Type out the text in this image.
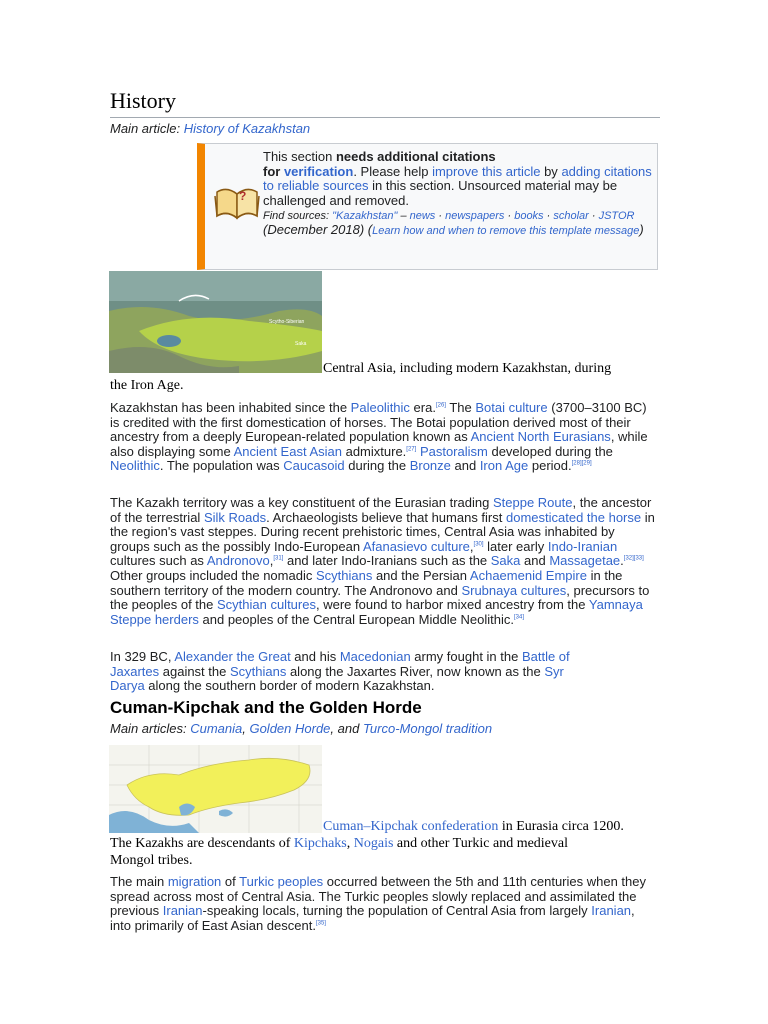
History
Main article: History of Kazakhstan
?
This section needs additional citations
for verification. Please help improve this article by adding citations to reliable sources in this section. Unsourced material may be challenged and removed.
Find sources: "Kazakhstan" – news · newspapers · books · scholar · JSTOR (December 2018) (Learn how and when to remove this template message)
Scytho-Siberian
Saka
Central Asia, including modern Kazakhstan, during
the Iron Age.
Kazakhstan has been inhabited since the Paleolithic era.[26] The Botai culture (3700–3100 BC) is credited with the first domestication of horses. The Botai population derived most of their ancestry from a deeply European-related population known as Ancient North Eurasians, while also displaying some Ancient East Asian admixture.[27] Pastoralism developed during the Neolithic. The population was Caucasoid during the Bronze and Iron Age period.[28][29]
The Kazakh territory was a key constituent of the Eurasian trading Steppe Route, the ancestor of the terrestrial Silk Roads. Archaeologists believe that humans first domesticated the horse in the region's vast steppes. During recent prehistoric times, Central Asia was inhabited by groups such as the possibly Indo-European Afanasievo culture,[30] later early Indo-Iranian cultures such as Andronovo,[31] and later Indo-Iranians such as the Saka and Massagetae.[32][33] Other groups included the nomadic Scythians and the Persian Achaemenid Empire in the southern territory of the modern country. The Andronovo and Srubnaya cultures, precursors to the peoples of the Scythian cultures, were found to harbor mixed ancestry from the Yamnaya Steppe herders and peoples of the Central European Middle Neolithic.[34]
In 329 BC, Alexander the Great and his Macedonian army fought in the Battle of Jaxartes against the Scythians along the Jaxartes River, now known as the Syr Darya along the southern border of modern Kazakhstan.
Cuman-Kipchak and the Golden Horde
Main articles: Cumania, Golden Horde, and Turco-Mongol tradition
Cuman–Kipchak confederation in Eurasia circa 1200.
The Kazakhs are descendants of Kipchaks, Nogais and other Turkic and medieval
Mongol tribes.
The main migration of Turkic peoples occurred between the 5th and 11th centuries when they spread across most of Central Asia. The Turkic peoples slowly replaced and assimilated the previous Iranian-speaking locals, turning the population of Central Asia from largely Iranian, into primarily of East Asian descent.[35]
